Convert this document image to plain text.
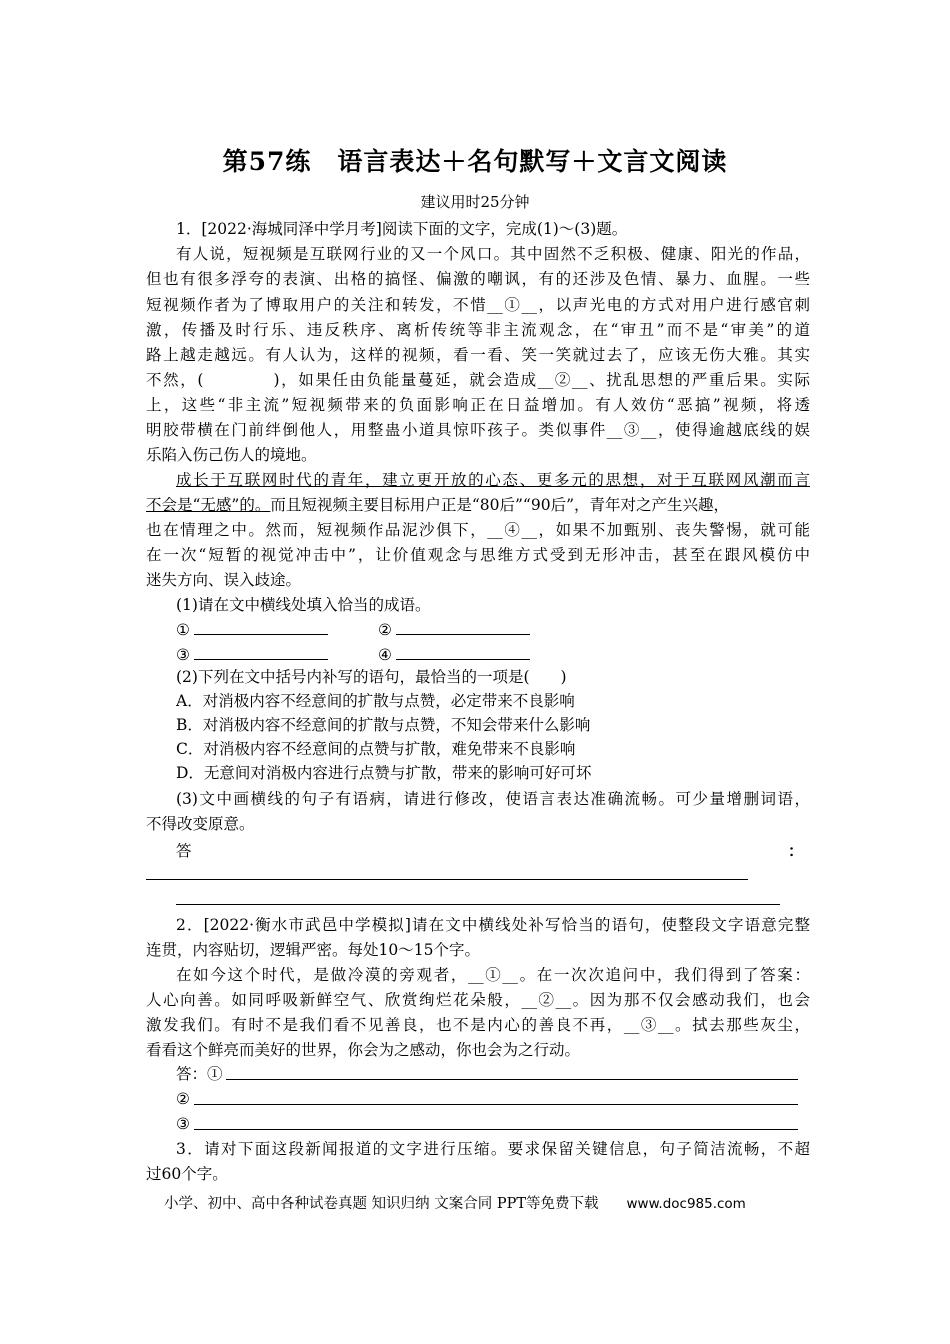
第57练　语言表达＋名句默写＋文言文阅读
建议用时25分钟
1．[2022·海城同泽中学月考]阅读下面的文字，完成(1)～(3)题。
有人说，短视频是互联网行业的又一个风口。其中固然不乏积极、健康、阳光的作品，
但也有很多浮夸的表演、出格的搞怪、偏激的嘲讽，有的还涉及色情、暴力、血腥。一些
短视频作者为了博取用户的关注和转发，不惜__①__，以声光电的方式对用户进行感官刺
激，传播及时行乐、违反秩序、离析传统等非主流观念，在“审丑”而不是“审美”的道
路上越走越远。有人认为，这样的视频，看一看、笑一笑就过去了，应该无伤大雅。其实
不然，(　　　　)，如果任由负能量蔓延，就会造成__②__、扰乱思想的严重后果。实际
上，这些“非主流”短视频带来的负面影响正在日益增加。有人效仿“恶搞”视频，将透
明胶带横在门前绊倒他人，用整蛊小道具惊吓孩子。类似事件__③__，使得逾越底线的娱
乐陷入伤己伤人的境地。
成长于互联网时代的青年，建立更开放的心态、更多元的思想，对于互联网风潮而言
不会是“无感”的。而且短视频主要目标用户正是“80后”“90后”，青年对之产生兴趣，
也在情理之中。然而，短视频作品泥沙俱下，__④__，如果不加甄别、丧失警惕，就可能
在一次“短暂的视觉冲击中”，让价值观念与思维方式受到无形冲击，甚至在跟风模仿中
迷失方向、误入歧途。
(1)请在文中横线处填入恰当的成语。
①	②
③	④
(2)下列在文中括号内补写的语句，最恰当的一项是(　　)
A．对消极内容不经意间的扩散与点赞，必定带来不良影响
B．对消极内容不经意间的扩散与点赞，不知会带来什么影响
C．对消极内容不经意间的点赞与扩散，难免带来不良影响
D．无意间对消极内容进行点赞与扩散，带来的影响可好可坏
(3)文中画横线的句子有语病，请进行修改，使语言表达准确流畅。可少量增删词语，
不得改变原意。
答	：
2．[2022·衡水市武邑中学模拟]请在文中横线处补写恰当的语句，使整段文字语意完整
连贯，内容贴切，逻辑严密。每处10～15个字。
在如今这个时代，是做冷漠的旁观者，__①__。在一次次追问中，我们得到了答案：
人心向善。如同呼吸新鲜空气、欣赏绚烂花朵般，__②__。因为那不仅会感动我们，也会
激发我们。有时不是我们看不见善良，也不是内心的善良不再，__③__。拭去那些灰尘，
看看这个鲜亮而美好的世界，你会为之感动，你也会为之行动。
答：①
②
③
3．请对下面这段新闻报道的文字进行压缩。要求保留关键信息，句子简洁流畅，不超
过60个字。
小学、初中、高中各种试卷真题 知识归纳 文案合同 PPT等免费下载 www.doc985.com
